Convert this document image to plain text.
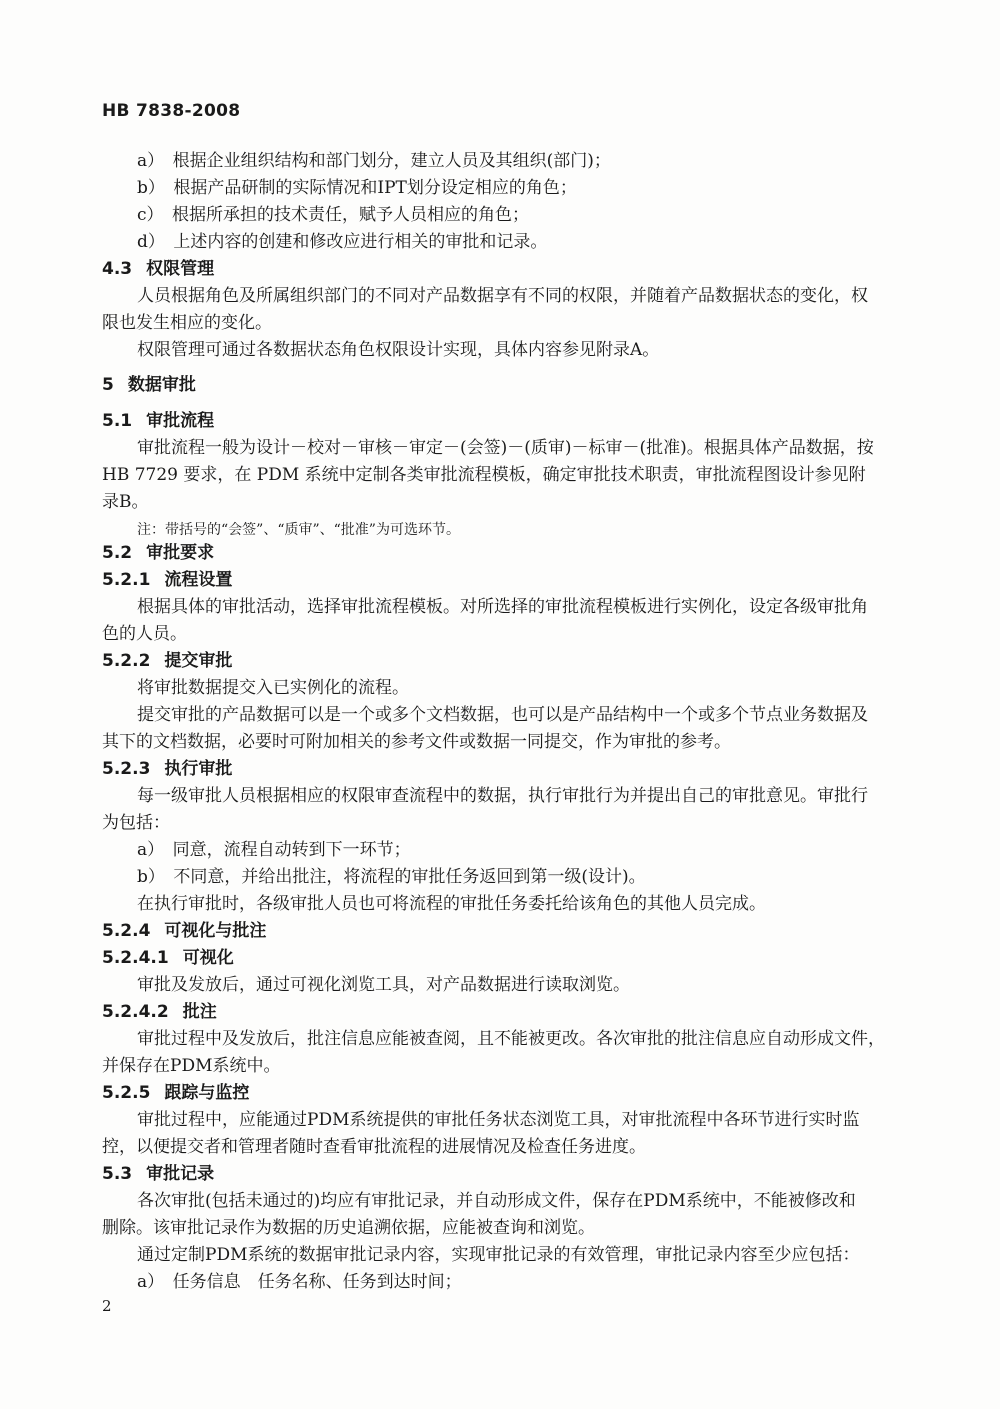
HB 7838-2008
a）　根据企业组织结构和部门划分，建立人员及其组织(部门)；
b）　根据产品研制的实际情况和IPT划分设定相应的角色；
c）　根据所承担的技术责任，赋予人员相应的角色；
d）　上述内容的创建和修改应进行相关的审批和记录。
4.3 权限管理
人员根据角色及所属组织部门的不同对产品数据享有不同的权限，并随着产品数据状态的变化，权
限也发生相应的变化。
权限管理可通过各数据状态角色权限设计实现，具体内容参见附录A。
5 数据审批
5.1 审批流程
审批流程一般为设计－校对－审核－审定－(会签)－(质审)－标审－(批准)。根据具体产品数据，按
HB 7729 要求，在 PDM 系统中定制各类审批流程模板，确定审批技术职责，审批流程图设计参见附
录B。
注：带括号的“会签”、“质审”、“批准”为可选环节。
5.2 审批要求
5.2.1 流程设置
根据具体的审批活动，选择审批流程模板。对所选择的审批流程模板进行实例化，设定各级审批角
色的人员。
5.2.2 提交审批
将审批数据提交入已实例化的流程。
提交审批的产品数据可以是一个或多个文档数据，也可以是产品结构中一个或多个节点业务数据及
其下的文档数据，必要时可附加相关的参考文件或数据一同提交，作为审批的参考。
5.2.3 执行审批
每一级审批人员根据相应的权限审查流程中的数据，执行审批行为并提出自己的审批意见。审批行
为包括：
a）　同意，流程自动转到下一环节；
b）　不同意，并给出批注，将流程的审批任务返回到第一级(设计)。
在执行审批时，各级审批人员也可将流程的审批任务委托给该角色的其他人员完成。
5.2.4 可视化与批注
5.2.4.1 可视化
审批及发放后，通过可视化浏览工具，对产品数据进行读取浏览。
5.2.4.2 批注
审批过程中及发放后，批注信息应能被查阅，且不能被更改。各次审批的批注信息应自动形成文件，
并保存在PDM系统中。
5.2.5 跟踪与监控
审批过程中，应能通过PDM系统提供的审批任务状态浏览工具，对审批流程中各环节进行实时监
控，以便提交者和管理者随时查看审批流程的进展情况及检查任务进度。
5.3 审批记录
各次审批(包括未通过的)均应有审批记录，并自动形成文件，保存在PDM系统中，不能被修改和
删除。该审批记录作为数据的历史追溯依据，应能被查询和浏览。
通过定制PDM系统的数据审批记录内容，实现审批记录的有效管理，审批记录内容至少应包括：
a）　任务信息　任务名称、任务到达时间；
2
